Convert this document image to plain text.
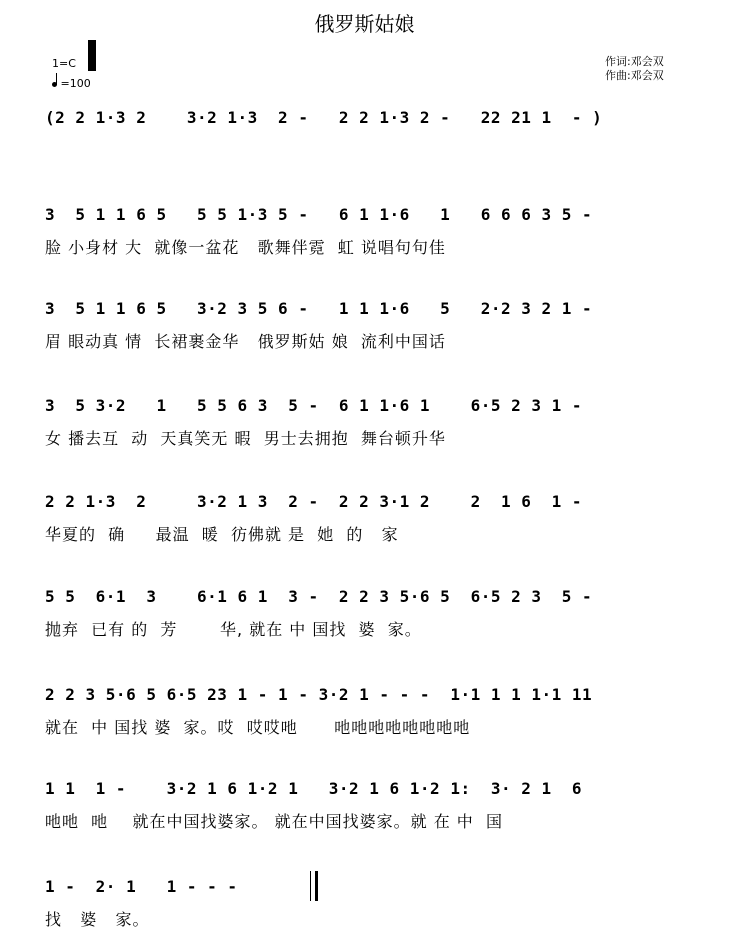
俄罗斯姑娘
1=C
=100
作词:邓会双
作曲:邓会双
(2 2 1·3 2    3·2 1·3  2 -   2 2 1·3 2 -   22 21 1  - )
3  5 1 1 6 5   5 5 1·3 5 -   6 1 1·6   1   6 6 6 3 5 -
脸 小身材 大  就像一盆花   歌舞伴霓  虹 说唱句句佳
3  5 1 1 6 5   3·2 3 5 6 -   1 1 1·6   5   2·2 3 2 1 -
眉 眼动真 情  长裙裹金华   俄罗斯姑 娘  流利中国话
3  5 3·2   1   5 5 6 3  5 -  6 1 1·6 1    6·5 2 3 1 -
女 播去互  动  天真笑无 暇  男士去拥抱  舞台顿升华
2 2 1·3  2     3·2 1 3  2 -  2 2 3·1 2    2  1 6  1 -
华夏的  确     最温  暖  彷佛就 是  她  的   家
5 5  6·1  3    6·1 6 1  3 -  2 2 3 5·6 5  6·5 2 3  5 -
抛弃  已有 的  芳       华, 就在 中 国找  婆  家。
2 2 3 5·6 5 6·5 23 1 - 1 - 3·2 1 - - -  1·1 1 1 1·1 11
就在  中 国找 婆  家。哎  哎哎吔      吔吔吔吔吔吔吔吔
1 1  1 -    3·2 1 6 1·2 1   3·2 1 6 1·2 1:  3· 2 1  6
吔吔  吔    就在中国找婆家。 就在中国找婆家。就 在 中  国
1 -  2· 1   1 - - -
找   婆   家。
